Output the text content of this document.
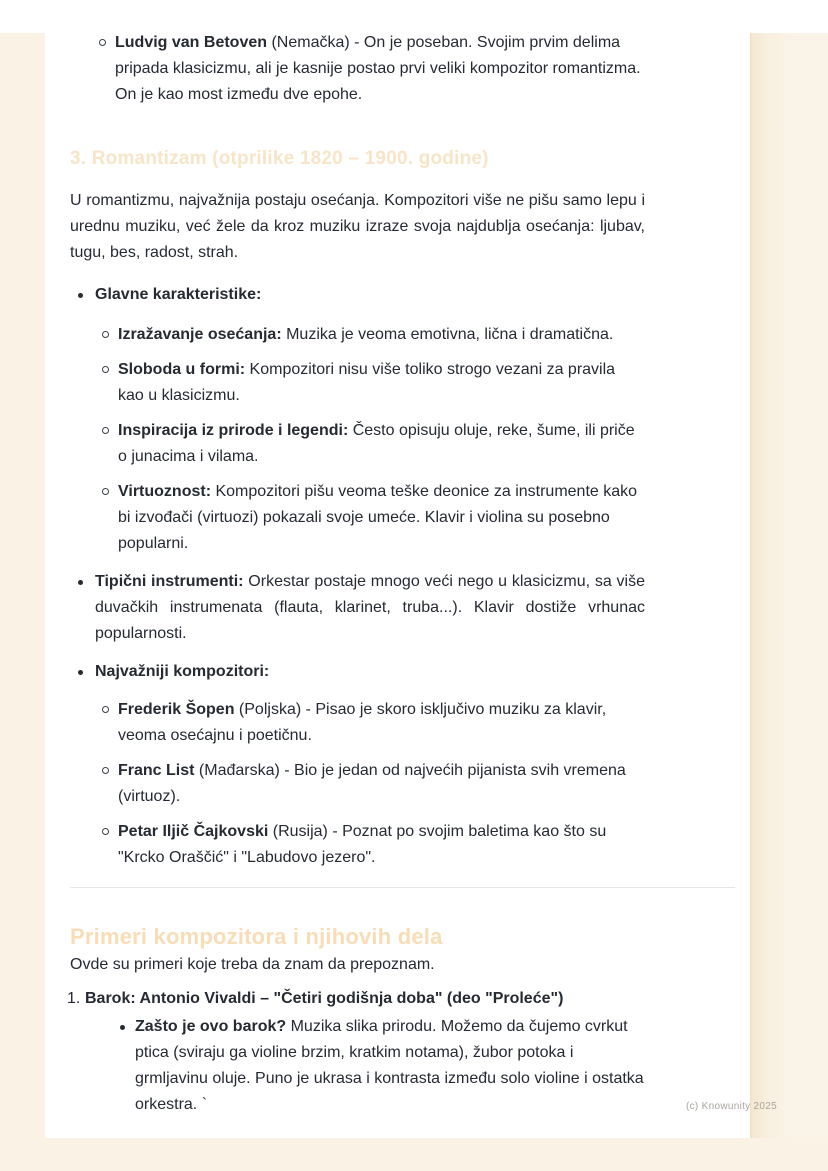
Ludvig van Betoven (Nemačka) - On je poseban. Svojim prvim delima pripada klasicizmu, ali je kasnije postao prvi veliki kompozitor romantizma. On je kao most između dve epohe.
3. Romantizam (otprilike 1820 – 1900. godine)

U romantizmu, najvažnija postaju osećanja. Kompozitori više ne pišu samo lepu i urednu muziku, već žele da kroz muziku izraze svoja najdublja osećanja: ljubav, tugu, bes, radost, strah.

Glavne karakteristike:
Izražavanje osećanja: Muzika je veoma emotivna, lična i dramatična.
Sloboda u formi: Kompozitori nisu više toliko strogo vezani za pravila kao u klasicizmu.
Inspiracija iz prirode i legendi: Često opisuju oluje, reke, šume, ili priče o junacima i vilama.
Virtuoznost: Kompozitori pišu veoma teške deonice za instrumente kako bi izvođači (virtuozi) pokazali svoje umeće. Klavir i violina su posebno popularni.
Tipični instrumenti: Orkestar postaje mnogo veći nego u klasicizmu, sa više duvačkih instrumenata (flauta, klarinet, truba...). Klavir dostiže vrhunac popularnosti.
Najvažniji kompozitori:
Frederik Šopen (Poljska) - Pisao je skoro isključivo muziku za klavir, veoma osećajnu i poetičnu.
Franc List (Mađarska) - Bio je jedan od najvećih pijanista svih vremena (virtuoz).
Petar Iljič Čajkovski (Rusija) - Poznat po svojim baletima kao što su "Krcko Oraščić" i "Labudovo jezero".
Primeri kompozitora i njihovih dela

Ovde su primeri koje treba da znam da prepoznam.

1. Barok: Antonio Vivaldi – "Četiri godišnja doba" (deo "Proleće")
Zašto je ovo barok? Muzika slika prirodu. Možemo da čujemo cvrkut ptica (sviraju ga violine brzim, kratkim notama), žubor potoka i grmljavinu oluje. Puno je ukrasa i kontrasta između solo violine i ostatka orkestra. `	(c) Knowunity 2025
